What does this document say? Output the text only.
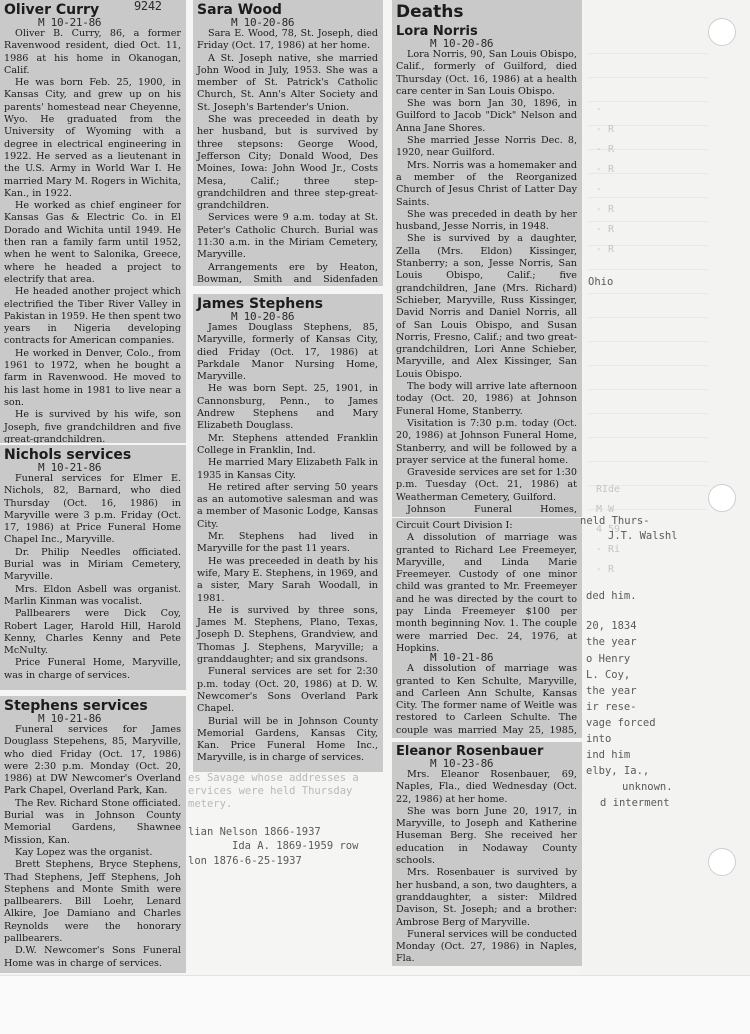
-
- R
- R
- R
-
- R
- R
- R

RIde
M W
4 59
- Ri
- R
Oliver Curry	9242
M 10-21-86

Oliver B. Curry, 86, a former Ravenwood resident, died Oct. 11, 1986 at his home in Okanogan, Calif.

He was born Feb. 25, 1900, in Kansas City, and grew up on his parents' homestead near Cheyenne, Wyo. He graduated from the University of Wyoming with a degree in electrical engineering in 1922. He served as a lieutenant in the U.S. Army in World War I. He married Mary M. Rogers in Wichita, Kan., in 1922.

He worked as chief engineer for Kansas Gas & Electric Co. in El Dorado and Wichita until 1949. He then ran a family farm until 1952, when he went to Salonika, Greece, where he headed a project to electrify that area.

He headed another project which electrified the Tiber River Valley in Pakistan in 1959. He then spent two years in Nigeria developing contracts for American companies.

He worked in Denver, Colo., from 1961 to 1972, when he bought a farm in Ravenwood. He moved to his last home in 1981 to live near a son.

He is survived by his wife, son Joseph, five grandchildren and five great-grandchildren.

Nichols services
M 10-21-86

Funeral services for Elmer E. Nichols, 82, Barnard, who died Thursday (Oct. 16, 1986) in Maryville were 3 p.m. Friday (Oct. 17, 1986) at Price Funeral Home Chapel Inc., Maryville.

Dr. Philip Needles officiated. Burial was in Miriam Cemetery, Maryville.

Mrs. Eldon Asbell was organist. Marlin Kinman was vocalist.

Pallbearers were Dick Coy, Robert Lager, Harold Hill, Harold Kenny, Charles Kenny and Pete McNulty.

Price Funeral Home, Maryville, was in charge of services.

Stephens services
M 10-21-86

Funeral services for James Douglass Stepehens, 85, Maryville, who died Friday (Oct. 17, 1986) were 2:30 p.m. Monday (Oct. 20, 1986) at DW Newcomer's Overland Park Chapel, Overland Park, Kan.

The Rev. Richard Stone officiated. Burial was in Johnson County Memorial Gardens, Shawnee Mission, Kan.

Kay Lopez was the organist.

Brett Stephens, Bryce Stephens, Thad Stephens, Jeff Stephens, Joh Stephens and Monte Smith were pallbearers. Bill Loehr, Lenard Alkire, Joe Damiano and Charles Reynolds were the honorary pallbearers.

D.W. Newcomer's Sons Funeral Home was in charge of services.

Sara Wood
M 10-20-86

Sara E. Wood, 78, St. Joseph, died Friday (Oct. 17, 1986) at her home.

A St. Joseph native, she married John Wood in July, 1953. She was a member of St. Patrick's Catholic Church, St. Ann's Alter Society and St. Joseph's Bartender's Union.

She was preceeded in death by her husband, but is survived by three stepsons: George Wood, Jefferson City; Donald Wood, Des Moines, Iowa: John Wood Jr., Costs Mesa, Calif.; three step-grandchildren and three step-great-grandchildren.

Services were 9 a.m. today at St. Peter's Catholic Church. Burial was 11:30 a.m. in the Miriam Cemetery, Maryville.

Arrangements ere by Heaton, Bowman, Smith and Sidenfaden

James Stephens
M 10-20-86

James Douglass Stephens, 85, Maryville, formerly of Kansas City, died Friday (Oct. 17, 1986) at Parkdale Manor Nursing Home, Maryville.

He was born Sept. 25, 1901, in Cannonsburg, Penn., to James Andrew Stephens and Mary Elizabeth Douglass.

Mr. Stephens attended Franklin College in Franklin, Ind.

He married Mary Elizabeth Falk in 1935 in Kansas City.

He retired after serving 50 years as an automotive salesman and was a member of Masonic Lodge, Kansas City.

Mr. Stephens had lived in Maryville for the past 11 years.

He was preceeded in death by his wife, Mary E. Stephens, in 1969, and a sister, Mary Sarah Woodall, in 1981.

He is survived by three sons, James M. Stephens, Plano, Texas, Joseph D. Stephens, Grandview, and Thomas J. Stephens, Maryville; a granddaughter; and six grandsons.

Funeral services are set for 2:30 p.m. today (Oct. 20, 1986) at D. W. Newcomer's Sons Overland Park Chapel.

Burial will be in Johnson County Memorial Gardens, Kansas City, Kan. Price Funeral Home Inc., Maryville, is in charge of services.

es Savage whose addresses a
ervices were held Thursday
metery.
lian Nelson 1866-1937
Ida A. 1869-1959 row
lon 1876-6-25-1937
Deaths
Lora Norris
M 10-20-86

Lora Norris, 90, San Louis Obispo, Calif., formerly of Guilford, died Thursday (Oct. 16, 1986) at a health care center in San Louis Obispo.

She was born Jan 30, 1896, in Guilford to Jacob "Dick" Nelson and Anna Jane Shores.

She married Jesse Norris Dec. 8, 1920, near Guilford.

Mrs. Norris was a homemaker and a member of the Reorganized Church of Jesus Christ of Latter Day Saints.

She was preceded in death by her husband, Jesse Norris, in 1948.

She is survived by a daughter, Zella (Mrs. Eldon) Kissinger, Stanberry; a son, Jesse Norris, San Louis Obispo, Calif.; five grandchildren, Jane (Mrs. Richard) Schieber, Maryville, Russ Kissinger, David Norris and Daniel Norris, all of San Louis Obispo, and Susan Norris, Fresno, Calif.; and two great-grandchildren, Lori Anne Schieber, Maryville, and Alex Kissinger, San Louis Obispo.

The body will arrive late afternoon today (Oct. 20, 1986) at Johnson Funeral Home, Stanberry.

Visitation is 7:30 p.m. today (Oct. 20, 1986) at Johnson Funeral Home, Stanberry, and will be followed by a prayer service at the funeral home.

Graveside services are set for 1:30 p.m. Tuesday (Oct. 21, 1986) at Weatherman Cemetery, Guilford.

Johnson Funeral Homes,

Circuit Court Division I:

A dissolution of marriage was granted to Richard Lee Freemeyer, Maryville, and Linda Marie Freemeyer. Custody of one minor child was granted to Mr. Freemeyer and he was directed by the court to pay Linda Freemeyer $100 per month beginning Nov. 1. The couple were married Dec. 24, 1976, at Hopkins.

M 10-21-86

A dissolution of marriage was granted to Ken Schulte, Maryville, and Carleen Ann Schulte, Kansas City. The former name of Weitle was restored to Carleen Schulte. The couple was married May 25, 1985,

Eleanor Rosenbauer
M 10-23-86

Mrs. Eleanor Rosenbauer, 69, Naples, Fla., died Wednesday (Oct. 22, 1986) at her home.

She was born June 20, 1917, in Maryville, to Joseph and Katherine Huseman Berg. She received her education in Nodaway County schools.

Mrs. Rosenbauer is survived by her husband, a son, two daughters, a granddaughter, a sister: Mildred Davison, St. Joseph; and a brother: Ambrose Berg of Maryville.

Funeral services will be conducted Monday (Oct. 27, 1986) in Naples, Fla.

Ohio
neld Thurs-
J.T. Walshl
ded him.
20, 1834
the year
o Henry
L. Coy,
the year
ir rese-
vage forced
into
ind him
elby, Ia.,
unknown.
d interment
